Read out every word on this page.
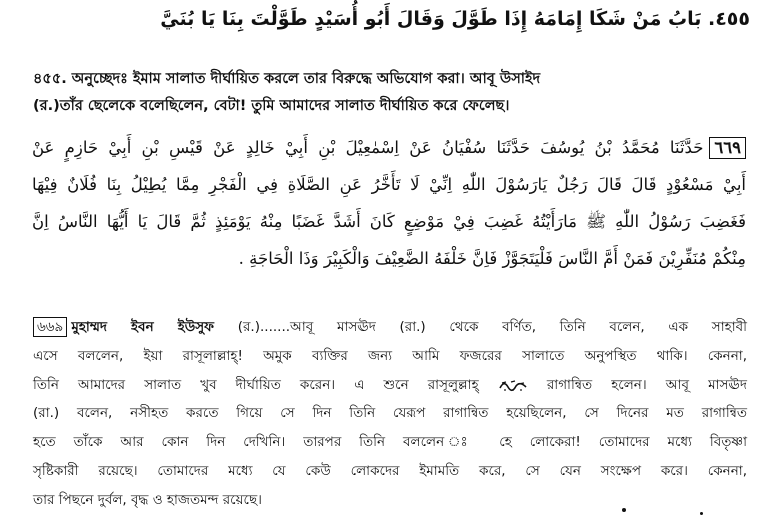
٤٥٥. بَابُ مَنْ شَكَا إِمَامَهُ إِذَا طَوَّلَ وَقَالَ أَبُو أُسَيْدٍ طَوَّلْتَ بِنَا يَا بُنَيَّ
৪৫৫. অনুচ্ছেদঃ ইমাম সালাত দীর্ঘায়িত করলে তার বিরুদ্ধে অভিযোগ করা। আবূ উসাইদ
(র.)তাঁর ছেলেকে বলেছিলেন, বেটা! তুমি আমাদের সালাত দীর্ঘায়িত করে ফেলেছ।
٦٦٩حَدَّثَنَا مُحَمَّدُ بْنُ يُوسُفَ حَدَّثَنَا سُفْيَانُ عَنْ اِسْمٰعِيْلَ بْنِ أَبِيْ خَالِدٍ عَنْ قَيْسِ بْنِ أَبِيْ حَازِمٍ عَنْ
أَبِيْ مَسْعُوْدٍ قَالَ قَالَ رَجُلٌ يَارَسُوْلَ اللّٰهِ اِنِّيْ لَا تَأَخَّرُ عَنِ الصَّلَاةِ فِي الْفَجْرِ مِمَّا يُطِيْلُ بِنَا فُلَانٌ فِيْهَا
فَغَضِبَ رَسُوْلُ اللّٰهِ ﷺ مَارَأَيْتُهُ غَضِبَ فِيْ مَوْضِعٍ كَانَ أَشَدَّ غَضَبًا مِنْهُ يَوْمَئِذٍ ثُمَّ قَالَ يَا أَيُّهَا النَّاسُ اِنَّ
مِنْكُمْ مُنَفِّرِيْنَ فَمَنْ أَمَّ النَّاسَ فَلْيَتَجَوَّزْ فَاِنَّ خَلْفَهُ الضَّعِيْفَ وَالْكَبِيْرَ وَذَا الْحَاجَةِ .
৬৬৯ মুহাম্মদ ইবন ইউসুফ (র.).......আবূ মাসঊদ (রা.) থেকে বর্ণিত, তিনি বলেন, এক সাহাবী
এসে বললেন, ইয়া রাসূলাল্লাহ্! অমুক ব্যক্তির জন্য আমি ফজরের সালাতে অনুপস্থিত থাকি। কেননা,
তিনি আমাদের সালাত খুব দীর্ঘায়িত করেন। এ শুনে রাসূলুল্লাহ্	রাগান্বিত হলেন। আবূ মাসঊদ
(রা.) বলেন, নসীহত করতে গিয়ে সে দিন তিনি যেরূপ রাগান্বিত হয়েছিলেন, সে দিনের মত রাগান্বিত
হতে তাঁকে আর কোন দিন দেখিনি। তারপর তিনি বললেন ঃ হে লোকেরা! তোমাদের মধ্যে বিতৃষ্ণা
সৃষ্টিকারী রয়েছে। তোমাদের মধ্যে যে কেউ লোকদের ইমামতি করে, সে যেন সংক্ষেপ করে। কেননা,
তার পিছনে দুর্বল, বৃদ্ধ ও হাজতমন্দ রয়েছে।
